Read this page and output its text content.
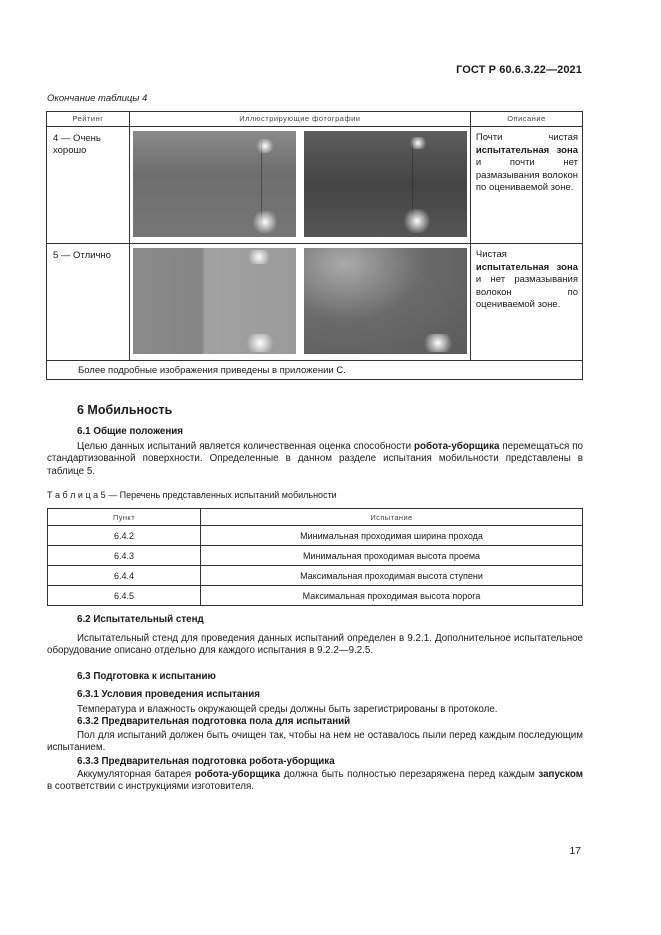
ГОСТ Р 60.6.3.22—2021
Окончание таблицы 4
Рейтинг	Иллюстрирующие фотографии	Описание
4 — Очень хорошо		Почти чистая испытательная зона и почти нет размазывания волокон по оцениваемой зоне.
5 — Отлично		Чистая испытательная зона и нет размазывания волокон по оцениваемой зоне.
Более подробные изображения приведены в приложении С.		
6 Мобильность
6.1 Общие положения
Целью данных испытаний является количественная оценка способности робота-уборщика перемещаться по стандартизованной поверхности. Определенные в данном разделе испытания мобильности представлены в таблице 5.
Т а б л и ц а 5 — Перечень представленных испытаний мобильности
Пункт	Испытание
6.4.2	Минимальная проходимая ширина прохода
6.4.3	Минимальная проходимая высота проема
6.4.4	Максимальная проходимая высота ступени
6.4.5	Максимальная проходимая высота порога
6.2 Испытательный стенд
Испытательный стенд для проведения данных испытаний определен в 9.2.1. Дополнительное испытательное оборудование описано отдельно для каждого испытания в 9.2.2—9.2.5.
6.3 Подготовка к испытанию
6.3.1 Условия проведения испытания
Температура и влажность окружающей среды должны быть зарегистрированы в протоколе.
6.3.2 Предварительная подготовка пола для испытаний
Пол для испытаний должен быть очищен так, чтобы на нем не оставалось пыли перед каждым последующим испытанием.
6.3.3 Предварительная подготовка робота-уборщика
Аккумуляторная батарея робота-уборщика должна быть полностью перезаряжена перед каждым запуском в соответствии с инструкциями изготовителя.
17
